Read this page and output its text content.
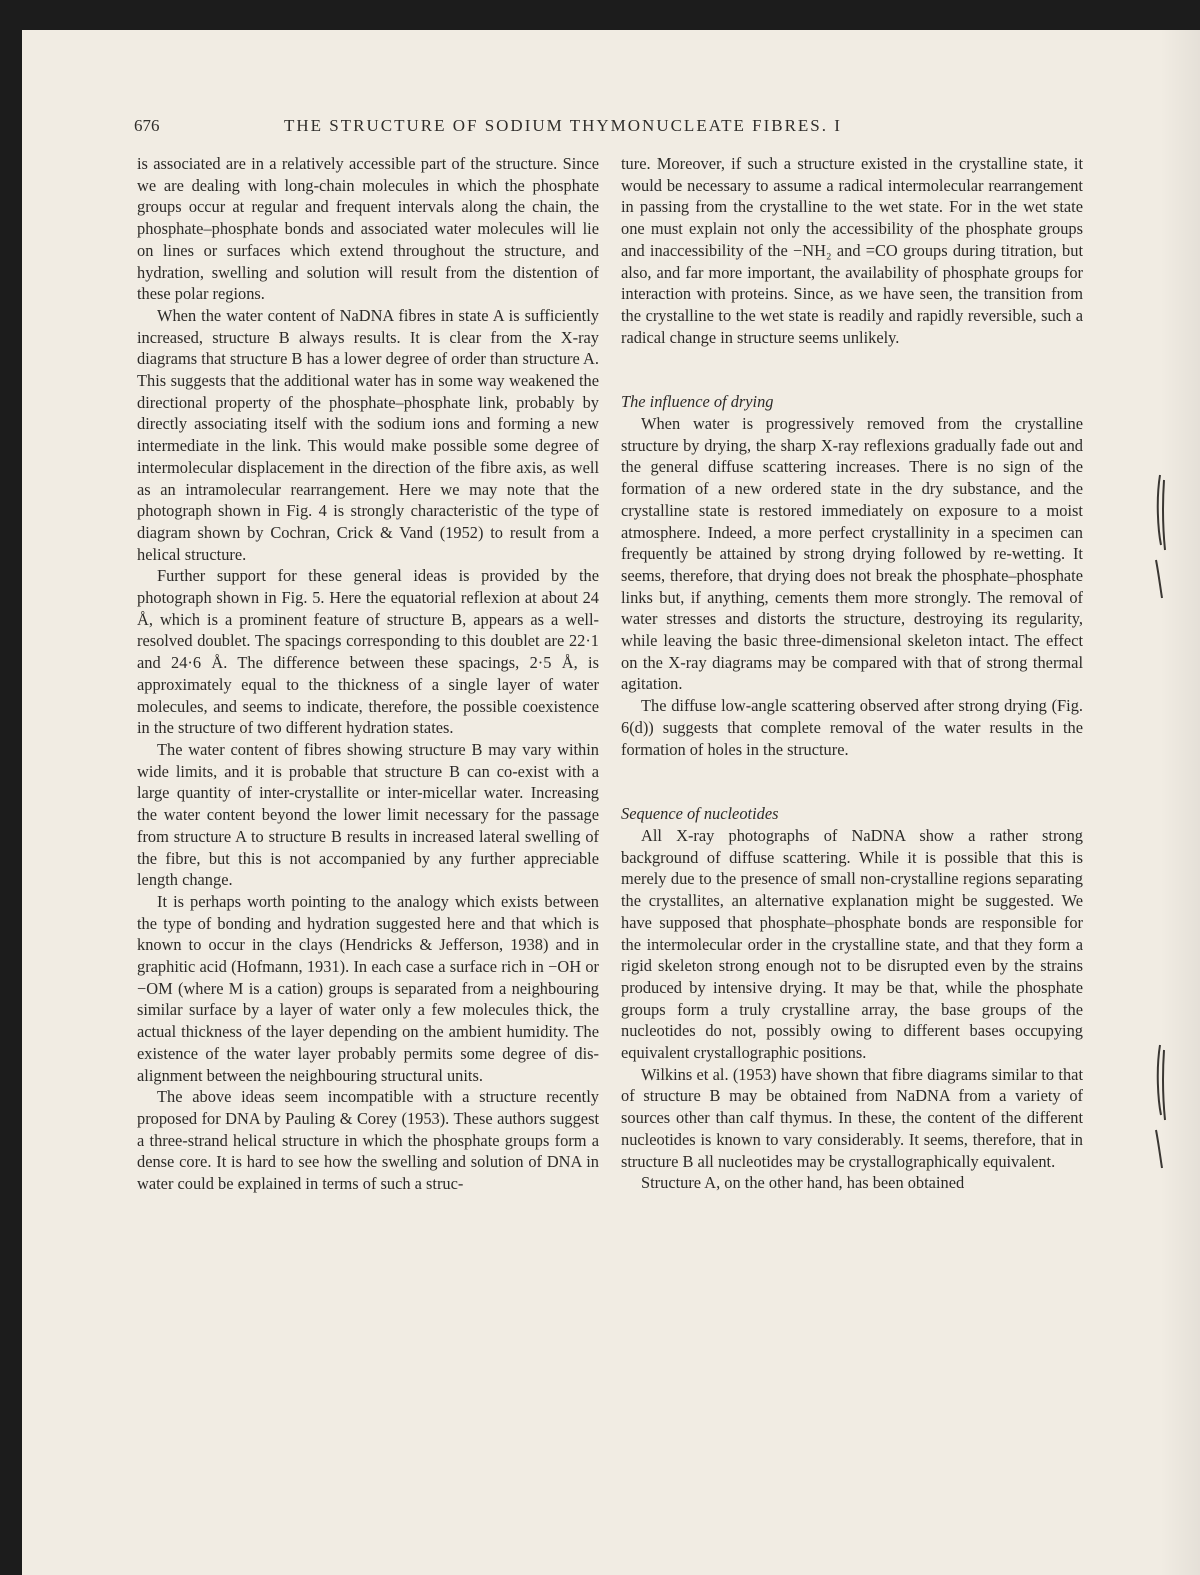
676	THE STRUCTURE OF SODIUM THYMONUCLEATE FIBRES. I

is associated are in a relatively accessible part of the structure. Since we are dealing with long-chain molecules in which the phosphate groups occur at regular and frequent intervals along the chain, the phosphate–phosphate bonds and associated water molecules will lie on lines or surfaces which extend throughout the structure, and hydration, swelling and solution will result from the distention of these polar regions.

When the water content of NaDNA fibres in state A is sufficiently increased, structure B always results. It is clear from the X-ray diagrams that structure B has a lower degree of order than structure A. This suggests that the additional water has in some way weakened the directional property of the phosphate–phosphate link, probably by directly associating itself with the sodium ions and forming a new intermediate in the link. This would make possible some degree of intermolecular displacement in the direction of the fibre axis, as well as an intramolecular rearrangement. Here we may note that the photograph shown in Fig. 4 is strongly characteristic of the type of diagram shown by Cochran, Crick & Vand (1952) to result from a helical structure.

Further support for these general ideas is provided by the photograph shown in Fig. 5. Here the equatorial reflexion at about 24 Å, which is a prominent feature of structure B, appears as a well-resolved doublet. The spacings corresponding to this doublet are 22·1 and 24·6 Å. The difference between these spacings, 2·5 Å, is approximately equal to the thickness of a single layer of water molecules, and seems to indicate, therefore, the possible coexistence in the structure of two different hydration states.

The water content of fibres showing structure B may vary within wide limits, and it is probable that structure B can co-exist with a large quantity of inter-crystallite or inter-micellar water. Increasing the water content beyond the lower limit necessary for the passage from structure A to structure B results in increased lateral swelling of the fibre, but this is not accompanied by any further appreciable length change.

It is perhaps worth pointing to the analogy which exists between the type of bonding and hydration suggested here and that which is known to occur in the clays (Hendricks & Jefferson, 1938) and in graphitic acid (Hofmann, 1931). In each case a surface rich in −OH or −OM (where M is a cation) groups is separated from a neighbouring similar surface by a layer of water only a few molecules thick, the actual thickness of the layer depending on the ambient humidity. The existence of the water layer probably permits some degree of dis-alignment between the neighbouring structural units.

The above ideas seem incompatible with a structure recently proposed for DNA by Pauling & Corey (1953). These authors suggest a three-strand helical structure in which the phosphate groups form a dense core. It is hard to see how the swelling and solution of DNA in water could be explained in terms of such a struc-

ture. Moreover, if such a structure existed in the crystalline state, it would be necessary to assume a radical intermolecular rearrangement in passing from the crystalline to the wet state. For in the wet state one must explain not only the accessibility of the phosphate groups and inaccessibility of the −NH₂ and =CO groups during titration, but also, and far more important, the availability of phosphate groups for interaction with proteins. Since, as we have seen, the transition from the crystalline to the wet state is readily and rapidly reversible, such a radical change in structure seems unlikely.

The influence of drying

When water is progressively removed from the crystalline structure by drying, the sharp X-ray reflexions gradually fade out and the general diffuse scattering increases. There is no sign of the formation of a new ordered state in the dry substance, and the crystalline state is restored immediately on exposure to a moist atmosphere. Indeed, a more perfect crystallinity in a specimen can frequently be attained by strong drying followed by re-wetting. It seems, therefore, that drying does not break the phosphate–phosphate links but, if anything, cements them more strongly. The removal of water stresses and distorts the structure, destroying its regularity, while leaving the basic three-dimensional skeleton intact. The effect on the X-ray diagrams may be compared with that of strong thermal agitation.

The diffuse low-angle scattering observed after strong drying (Fig. 6(d)) suggests that complete removal of the water results in the formation of holes in the structure.

Sequence of nucleotides

All X-ray photographs of NaDNA show a rather strong background of diffuse scattering. While it is possible that this is merely due to the presence of small non-crystalline regions separating the crystallites, an alternative explanation might be suggested. We have supposed that phosphate–phosphate bonds are responsible for the intermolecular order in the crystalline state, and that they form a rigid skeleton strong enough not to be disrupted even by the strains produced by intensive drying. It may be that, while the phosphate groups form a truly crystalline array, the base groups of the nucleotides do not, possibly owing to different bases occupying equivalent crystallographic positions.

Wilkins et al. (1953) have shown that fibre diagrams similar to that of structure B may be obtained from NaDNA from a variety of sources other than calf thymus. In these, the content of the different nucleotides is known to vary considerably. It seems, therefore, that in structure B all nucleotides may be crystallographically equivalent.

Structure A, on the other hand, has been obtained
